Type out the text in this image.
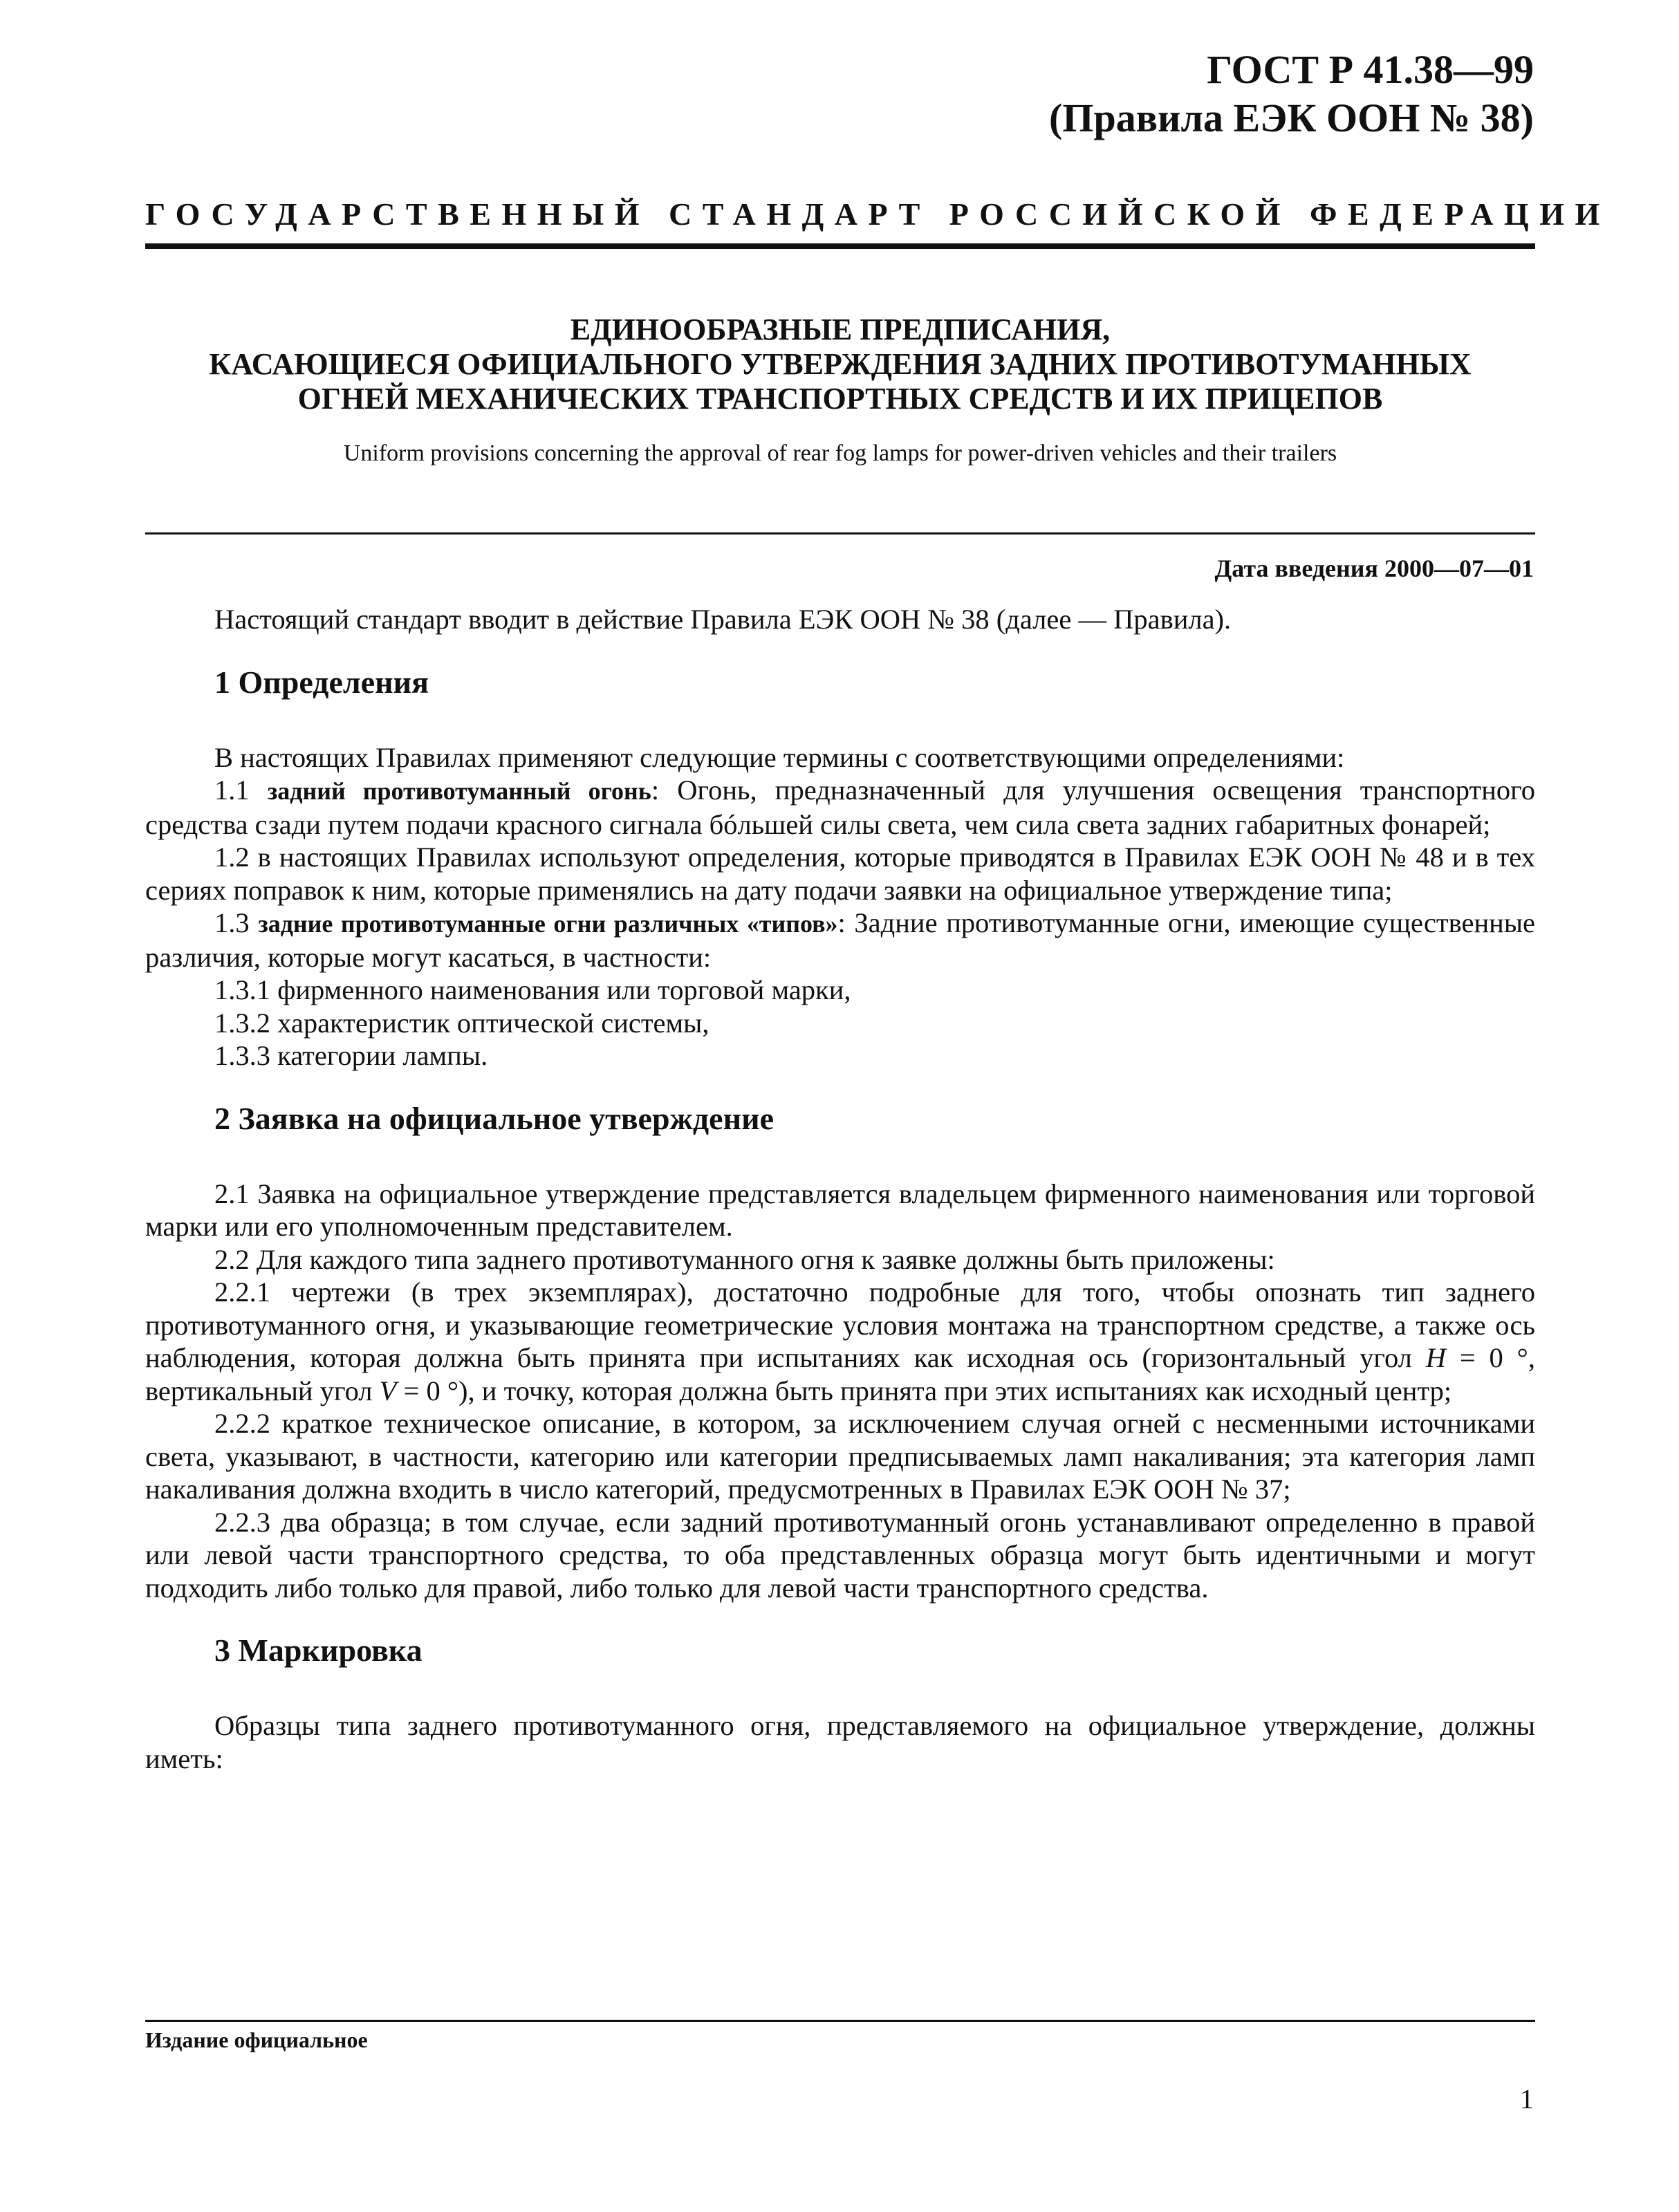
ГОСТ Р 41.38—99
(Правила ЕЭК ООН № 38)
ГОСУДАРСТВЕННЫЙ СТАНДАРТ РОССИЙСКОЙ ФЕДЕРАЦИИ
ЕДИНООБРАЗНЫЕ ПРЕДПИСАНИЯ,
КАСАЮЩИЕСЯ ОФИЦИАЛЬНОГО УТВЕРЖДЕНИЯ ЗАДНИХ ПРОТИВОТУМАННЫХ
ОГНЕЙ МЕХАНИЧЕСКИХ ТРАНСПОРТНЫХ СРЕДСТВ И ИХ ПРИЦЕПОВ
Uniform provisions concerning the approval of rear fog lamps for power-driven vehicles and their trailers
Дата введения 2000—07—01

Настоящий стандарт вводит в действие Правила ЕЭК ООН № 38 (далее — Правила).

1 Определения

В настоящих Правилах применяют следующие термины с соответствующими определениями:

1.1 задний противотуманный огонь: Огонь, предназначенный для улучшения освещения транспортного средства сзади путем подачи красного сигнала бóльшей силы света, чем сила света задних габаритных фонарей;

1.2 в настоящих Правилах используют определения, которые приводятся в Правилах ЕЭК ООН № 48 и в тех сериях поправок к ним, которые применялись на дату подачи заявки на официальное утверждение типа;

1.3 задние противотуманные огни различных «типов»: Задние противотуманные огни, имеющие существенные различия, которые могут касаться, в частности:

1.3.1 фирменного наименования или торговой марки,

1.3.2 характеристик оптической системы,

1.3.3 категории лампы.

2 Заявка на официальное утверждение

2.1 Заявка на официальное утверждение представляется владельцем фирменного наименования или торговой марки или его уполномоченным представителем.

2.2 Для каждого типа заднего противотуманного огня к заявке должны быть приложены:

2.2.1 чертежи (в трех экземплярах), достаточно подробные для того, чтобы опознать тип заднего противотуманного огня, и указывающие геометрические условия монтажа на транспортном средстве, а также ось наблюдения, которая должна быть принята при испытаниях как исходная ось (горизонтальный угол H = 0 °, вертикальный угол V = 0 °), и точку, которая должна быть принята при этих испытаниях как исходный центр;

2.2.2 краткое техническое описание, в котором, за исключением случая огней с несменными источниками света, указывают, в частности, категорию или категории предписываемых ламп накаливания; эта категория ламп накаливания должна входить в число категорий, предусмотренных в Правилах ЕЭК ООН № 37;

2.2.3 два образца; в том случае, если задний противотуманный огонь устанавливают определенно в правой или левой части транспортного средства, то оба представленных образца могут быть идентичными и могут подходить либо только для правой, либо только для левой части транспортного средства.

3 Маркировка

Образцы типа заднего противотуманного огня, представляемого на официальное утверждение, должны иметь:

Издание официальное
1
